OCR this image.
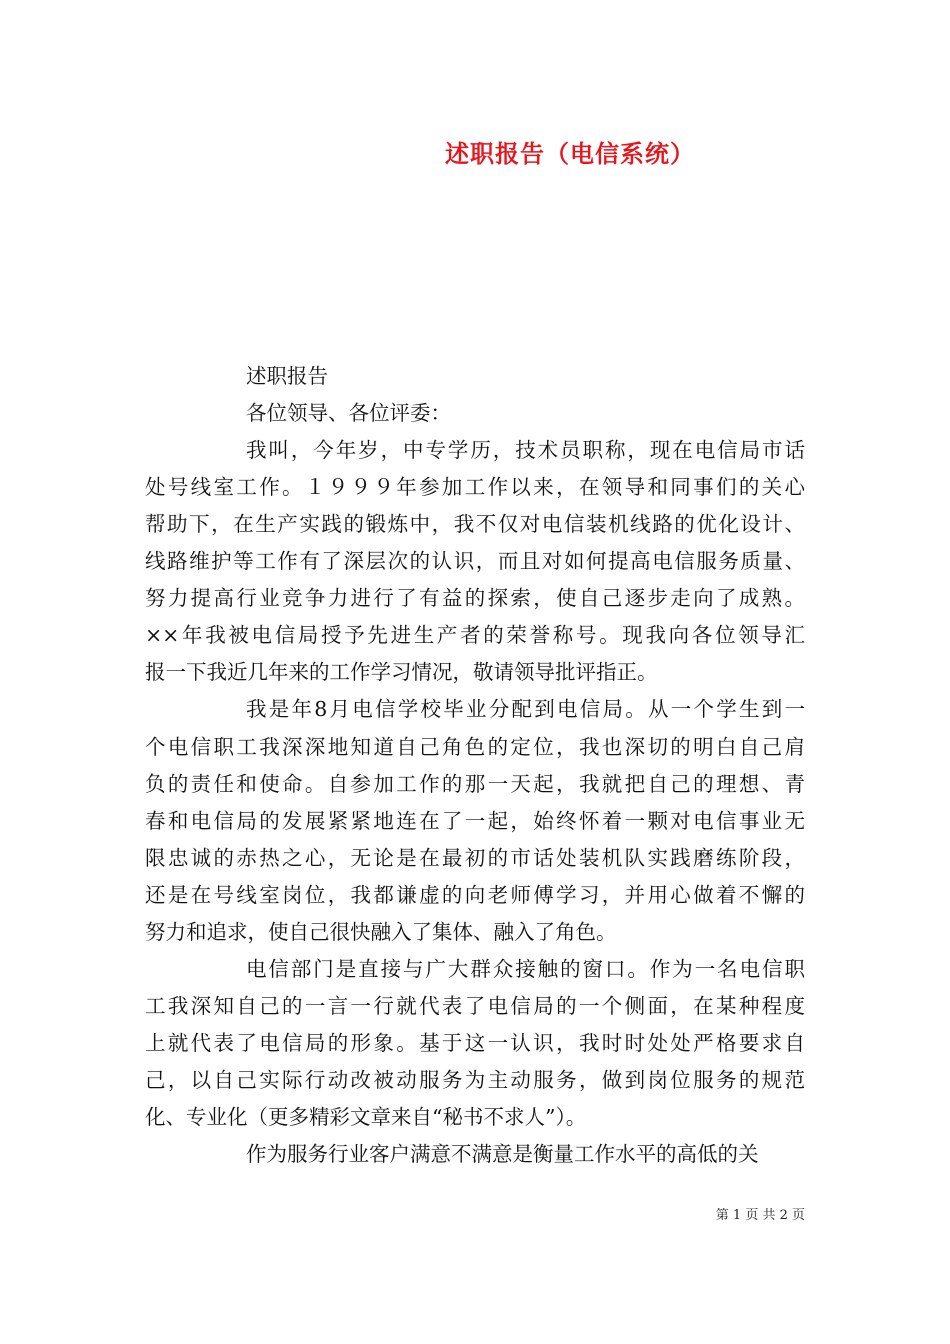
述职报告（电信系统）
述职报告
各位领导、各位评委：
我叫，今年岁，中专学历，技术员职称，现在电信局市话
处号线室工作。１９９９年参加工作以来，在领导和同事们的关心
帮助下，在生产实践的锻炼中，我不仅对电信装机线路的优化设计、
线路维护等工作有了深层次的认识，而且对如何提高电信服务质量、
努力提高行业竞争力进行了有益的探索，使自己逐步走向了成熟。
××年我被电信局授予先进生产者的荣誉称号。现我向各位领导汇
报一下我近几年来的工作学习情况，敬请领导批评指正。
我是年8月电信学校毕业分配到电信局。从一个学生到一
个电信职工我深深地知道自己角色的定位，我也深切的明白自己肩
负的责任和使命。自参加工作的那一天起，我就把自己的理想、青
春和电信局的发展紧紧地连在了一起，始终怀着一颗对电信事业无
限忠诚的赤热之心，无论是在最初的市话处装机队实践磨练阶段，
还是在号线室岗位，我都谦虚的向老师傅学习，并用心做着不懈的
努力和追求，使自己很快融入了集体、融入了角色。
电信部门是直接与广大群众接触的窗口。作为一名电信职
工我深知自己的一言一行就代表了电信局的一个侧面，在某种程度
上就代表了电信局的形象。基于这一认识，我时时处处严格要求自
己，以自己实际行动改被动服务为主动服务，做到岗位服务的规范
化、专业化（更多精彩文章来自“秘书不求人”）。
作为服务行业客户满意不满意是衡量工作水平的高低的关
第 1 页 共 2 页
